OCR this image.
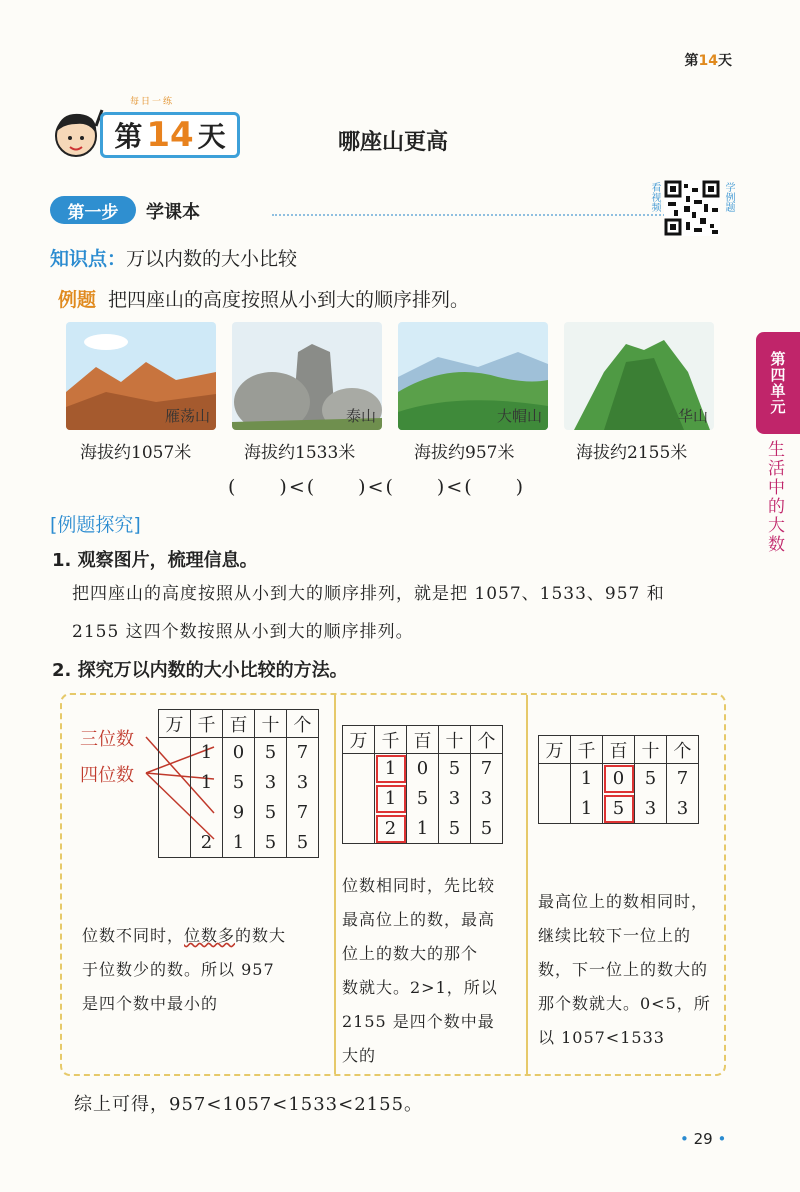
第14天
每日一练
第 14 天	哪座山更高
第一步	学课本
看视频	学例题
知识点：万以内数的大小比较
例题 把四座山的高度按照从小到大的顺序排列。
雁荡山	泰山	大帽山	华山
海拔约1057米	海拔约1533米	海拔约957米	海拔约2155米
(　　)<(　　)<(　　)<(　　)
[例题探究]
1. 观察图片，梳理信息。
把四座山的高度按照从小到大的顺序排列，就是把 1057、1533、957 和
2155 这四个数按照从小到大的顺序排列。
2. 探究万以内数的大小比较的方法。
三位数
四位数
万	千	百	十	个
	1	0	5	7
	1	5	3	3
		9	5	7
	2	1	5	5
位数不同时，位数多的数大
于位数少的数。所以 957
是四个数中最小的
万	千	百	十	个
	1	0	5	7
	1	5	3	3
	2	1	5	5
位数相同时，先比较
最高位上的数，最高
位上的数大的那个
数就大。2>1，所以
2155 是四个数中最
大的
万	千	百	十	个
	1	0	5	7
	1	5	3	3
最高位上的数相同时，
继续比较下一位上的
数，下一位上的数大的
那个数就大。0<5，所
以 1057<1533
综上可得，957<1057<1533<2155。
• 29 •
第四单元
生活中的大数
